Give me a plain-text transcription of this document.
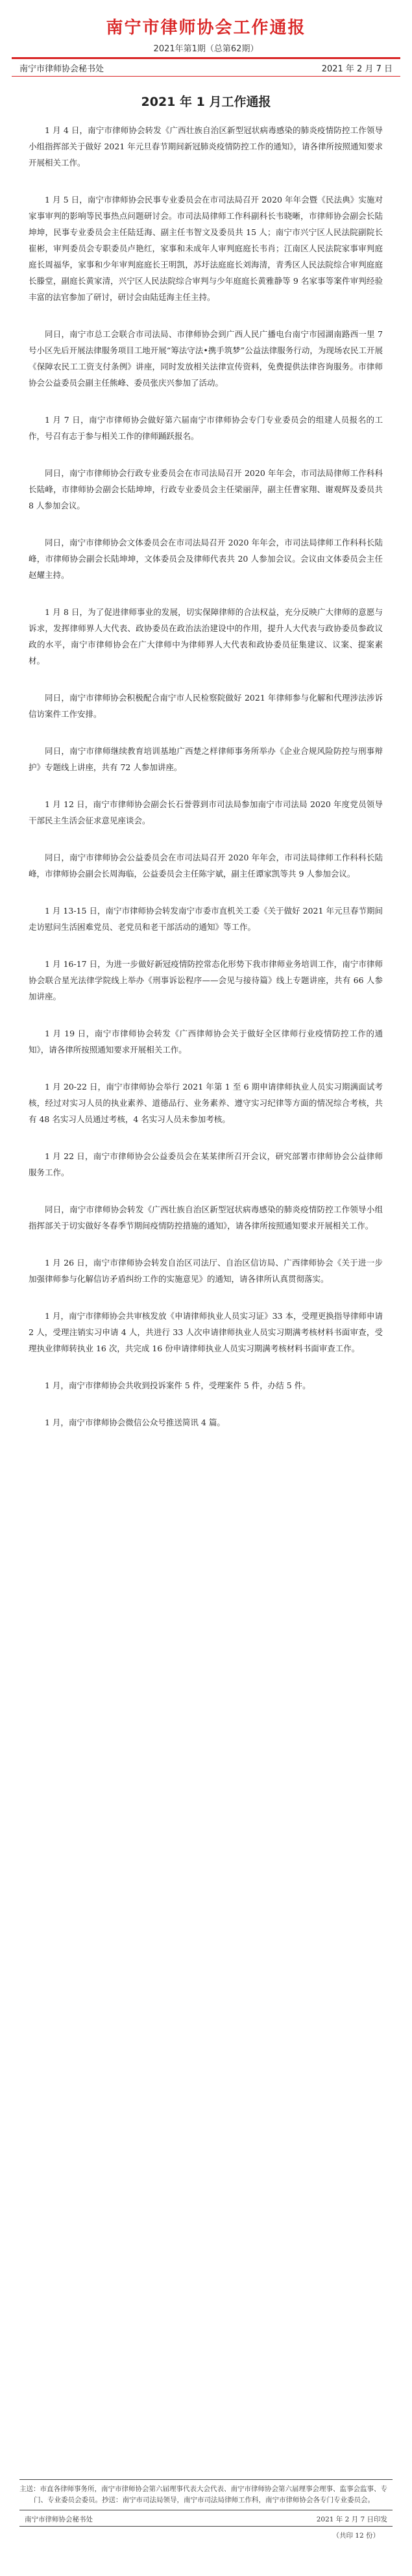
南宁市律师协会工作通报
2021年第1期（总第62期）
南宁市律师协会秘书处	2021 年 2 月 7 日
2021 年 1 月工作通报

1 月 4 日，南宁市律师协会转发《广西壮族自治区新型冠状病毒感染的肺炎疫情防控工作领导小组指挥部关于做好 2021 年元旦春节期间新冠肺炎疫情防控工作的通知》，请各律所按照通知要求开展相关工作。

1 月 5 日，南宁市律师协会民事专业委员会在市司法局召开 2020 年年会暨《民法典》实施对家事审判的影响等民事热点问题研讨会。市司法局律师工作科副科长韦晓晰，市律师协会副会长陆坤坤，民事专业委员会主任陆廷海、副主任韦智文及委员共 15 人；南宁市兴宁区人民法院副院长崔彬，审判委员会专职委员卢艳红，家事和未成年人审判庭庭长韦肖；江南区人民法院家事审判庭庭长周福华，家事和少年审判庭庭长王明凯，苏圩法庭庭长刘海清，青秀区人民法院综合审判庭庭长滕堂，副庭长黄家清，兴宁区人民法院综合审判与少年庭庭长黄雅静等 9 名家事等案件审判经验丰富的法官参加了研讨，研讨会由陆廷海主任主持。

同日，南宁市总工会联合市司法局、市律师协会到广西人民广播电台南宁市园湖南路西一里 7 号小区先后开展法律服务项目工地开展“筹法守法•携手筑梦”公益法律服务行动，为现场农民工开展《保障农民工工资支付条例》讲座，同时发放相关法律宣传资料，免费提供法律咨询服务。市律师协会公益委员会副主任熊峰、委员张庆兴参加了活动。

1 月 7 日，南宁市律师协会做好第六届南宁市律师协会专门专业委员会的组建人员报名的工作，号召有志于参与相关工作的律师踊跃报名。

同日，南宁市律师协会行政专业委员会在市司法局召开 2020 年年会，市司法局律师工作科科长陆峰，市律师协会副会长陆坤坤，行政专业委员会主任梁丽萍，副主任曹家翔、谢观辉及委员共 8 人参加会议。

同日，南宁市律师协会文体委员会在市司法局召开 2020 年年会，市司法局律师工作科科长陆峰，市律师协会副会长陆坤坤，文体委员会及律师代表共 20 人参加会议。会议由文体委员会主任赵耀主持。

1 月 8 日，为了促进律师事业的发展，切实保障律师的合法权益，充分反映广大律师的意愿与诉求，发挥律师界人大代表、政协委员在政治法治建设中的作用，提升人大代表与政协委员参政议政的水平，南宁市律师协会在广大律师中为律师界人大代表和政协委员征集建议、议案、提案素材。

同日，南宁市律师协会积极配合南宁市人民检察院做好 2021 年律师参与化解和代理涉法涉诉信访案件工作安排。

同日，南宁市律师继续教育培训基地广西楚之样律师事务所举办《企业合规风险防控与刑事辩护》专题线上讲座，共有 72 人参加讲座。

1 月 12 日，南宁市律师协会副会长石誉蓉到市司法局参加南宁市司法局 2020 年度党员领导干部民主生活会征求意见座谈会。

同日，南宁市律师协会公益委员会在市司法局召开 2020 年年会，市司法局律师工作科科长陆峰，市律师协会副会长周海临，公益委员会主任陈宇斌，副主任谭家凯等共 9 人参加会议。

1 月 13-15 日，南宁市律师协会转发南宁市委市直机关工委《关于做好 2021 年元旦春节期间走访慰问生活困难党员、老党员和老干部活动的通知》等工作。

1 月 16-17 日，为进一步做好新冠疫情防控常态化形势下我市律师业务培训工作，南宁市律师协会联合星光法律学院线上举办《刑事诉讼程序——会见与接待篇》线上专题讲座，共有 66 人参加讲座。

1 月 19 日，南宁市律师协会转发《广西律师协会关于做好全区律师行业疫情防控工作的通知》，请各律所按照通知要求开展相关工作。

1 月 20-22 日，南宁市律师协会举行 2021 年第 1 至 6 期申请律师执业人员实习期满面试考核，经过对实习人员的执业素养、道德品行、业务素养、遵守实习纪律等方面的情况综合考核，共有 48 名实习人员通过考核，4 名实习人员未参加考核。

1 月 22 日，南宁市律师协会公益委员会在某某律所召开会议，研究部署市律师协会公益律师服务工作。

同日，南宁市律师协会转发《广西壮族自治区新型冠状病毒感染的肺炎疫情防控工作领导小组指挥部关于切实做好冬春季节期间疫情防控措施的通知》，请各律所按照通知要求开展相关工作。

1 月 26 日，南宁市律师协会转发自治区司法厅、自治区信访局、广西律师协会《关于进一步加强律师参与化解信访矛盾纠纷工作的实施意见》的通知，请各律所认真贯彻落实。

1 月，南宁市律师协会共审核发放《申请律师执业人员实习证》33 本，受理更换指导律师申请 2 人，受理注销实习申请 4 人，共进行 33 人次申请律师执业人员实习期满考核材料书面审查，受理执业律师转执业 16 次，共完成 16 份申请律师执业人员实习期满考核材料书面审查工作。

1 月，南宁市律师协会共收到投诉案件 5 件，受理案件 5 件，办结 5 件。

1 月，南宁市律师协会微信公众号推送简讯 4 篇。

主送：市直各律师事务所，南宁市律师协会第六届理事代表大会代表、南宁市律师协会第六届理事会理事、监事会监事、专门、专业委员会委员。抄送：南宁市司法局领导，南宁市司法局律师工作科，南宁市律师协会各专门专业委员会。
南宁市律师协会秘书处	2021 年 2 月 7 日印发
（共印 12 份）
